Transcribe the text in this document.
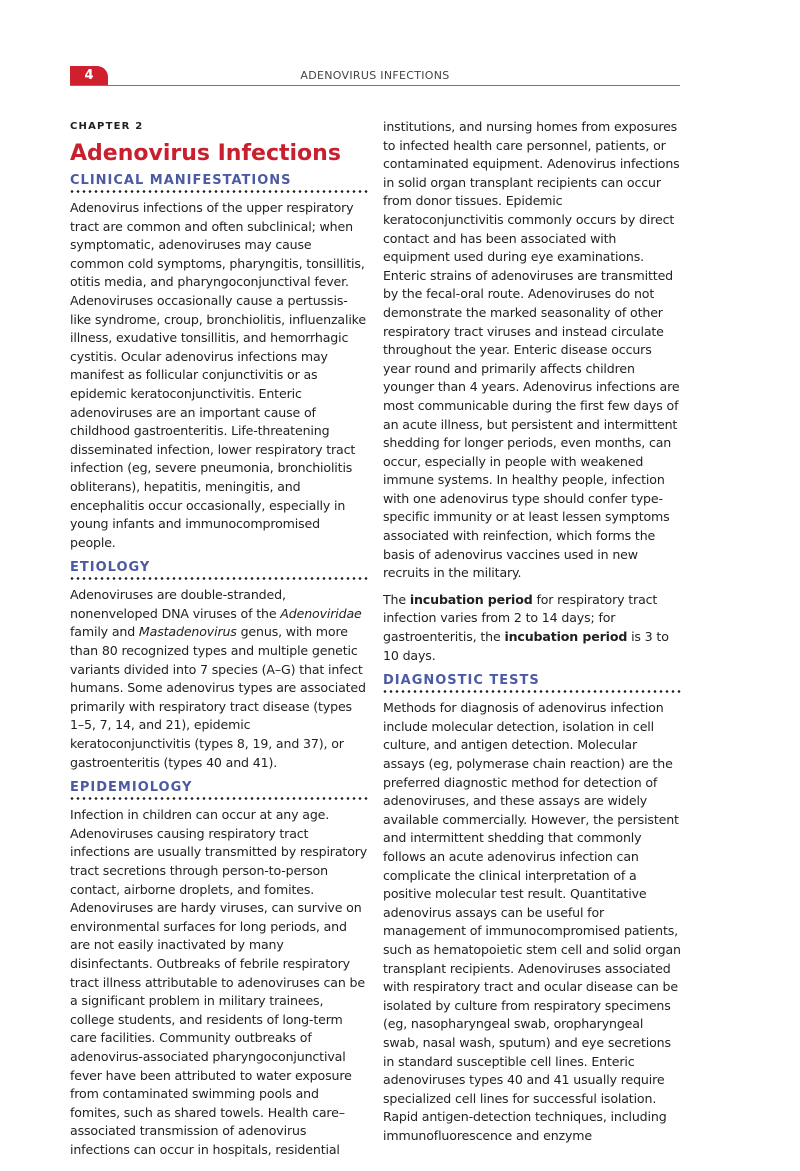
4	ADENOVIRUS INFECTIONS
CHAPTER 2
Adenovirus Infections
CLINICAL MANIFESTATIONS

Adenovirus infections of the upper respiratory tract are common and often subclinical; when symptomatic, adenoviruses may cause common cold symptoms, pharyngitis, tonsillitis, otitis media, and pharyngoconjunctival fever. Adenoviruses occasionally cause a pertussis-like syndrome, croup, bronchiolitis, influenzalike illness, exudative tonsillitis, and hemorrhagic cystitis. Ocular adenovirus infections may manifest as follicular conjunctivitis or as epidemic keratoconjunctivitis. Enteric adenoviruses are an important cause of childhood gastroenteritis. Life-threatening disseminated infection, lower respiratory tract infection (eg, severe pneumonia, bronchiolitis obliterans), hepatitis, meningitis, and encephalitis occur occasionally, especially in young infants and immunocompromised people.

ETIOLOGY

Adenoviruses are double-stranded, nonenveloped DNA viruses of the Adenoviridae family and Mastadenovirus genus, with more than 80 recognized types and multiple genetic variants divided into 7 species (A–G) that infect humans. Some adenovirus types are associated primarily with respiratory tract disease (types 1–5, 7, 14, and 21), epidemic keratoconjunctivitis (types 8, 19, and 37), or gastroenteritis (types 40 and 41).

EPIDEMIOLOGY

Infection in children can occur at any age. Adenoviruses causing respiratory tract infections are usually transmitted by respiratory tract secretions through person-to-person contact, airborne droplets, and fomites. Adenoviruses are hardy viruses, can survive on environmental surfaces for long periods, and are not easily inactivated by many disinfectants. Outbreaks of febrile respiratory tract illness attributable to adenoviruses can be a significant problem in military trainees, college students, and residents of long-term care facilities. Community outbreaks of adenovirus-associated pharyngoconjunctival fever have been attributed to water exposure from contaminated swimming pools and fomites, such as shared towels. Health care–associated transmission of adenovirus infections can occur in hospitals, residential

institutions, and nursing homes from exposures to infected health care personnel, patients, or contaminated equipment. Adenovirus infections in solid organ transplant recipients can occur from donor tissues. Epidemic keratoconjunctivitis commonly occurs by direct contact and has been associated with equipment used during eye examinations. Enteric strains of adenoviruses are transmitted by the fecal-oral route. Adenoviruses do not demonstrate the marked seasonality of other respiratory tract viruses and instead circulate throughout the year. Enteric disease occurs year round and primarily affects children younger than 4 years. Adenovirus infections are most communicable during the first few days of an acute illness, but persistent and intermittent shedding for longer periods, even months, can occur, especially in people with weakened immune systems. In healthy people, infection with one adenovirus type should confer type-specific immunity or at least lessen symptoms associated with reinfection, which forms the basis of adenovirus vaccines used in new recruits in the military.

The incubation period for respiratory tract infection varies from 2 to 14 days; for gastroenteritis, the incubation period is 3 to 10 days.

DIAGNOSTIC TESTS

Methods for diagnosis of adenovirus infection include molecular detection, isolation in cell culture, and antigen detection. Molecular assays (eg, polymerase chain reaction) are the preferred diagnostic method for detection of adenoviruses, and these assays are widely available commercially. However, the persistent and intermittent shedding that commonly follows an acute adenovirus infection can complicate the clinical interpretation of a positive molecular test result. Quantitative adenovirus assays can be useful for management of immunocompromised patients, such as hematopoietic stem cell and solid organ transplant recipients. Adenoviruses associated with respiratory tract and ocular disease can be isolated by culture from respiratory specimens (eg, nasopharyngeal swab, oropharyngeal swab, nasal wash, sputum) and eye secretions in standard susceptible cell lines. Enteric adenoviruses types 40 and 41 usually require specialized cell lines for successful isolation. Rapid antigen-detection techniques, including immunofluorescence and enzyme
